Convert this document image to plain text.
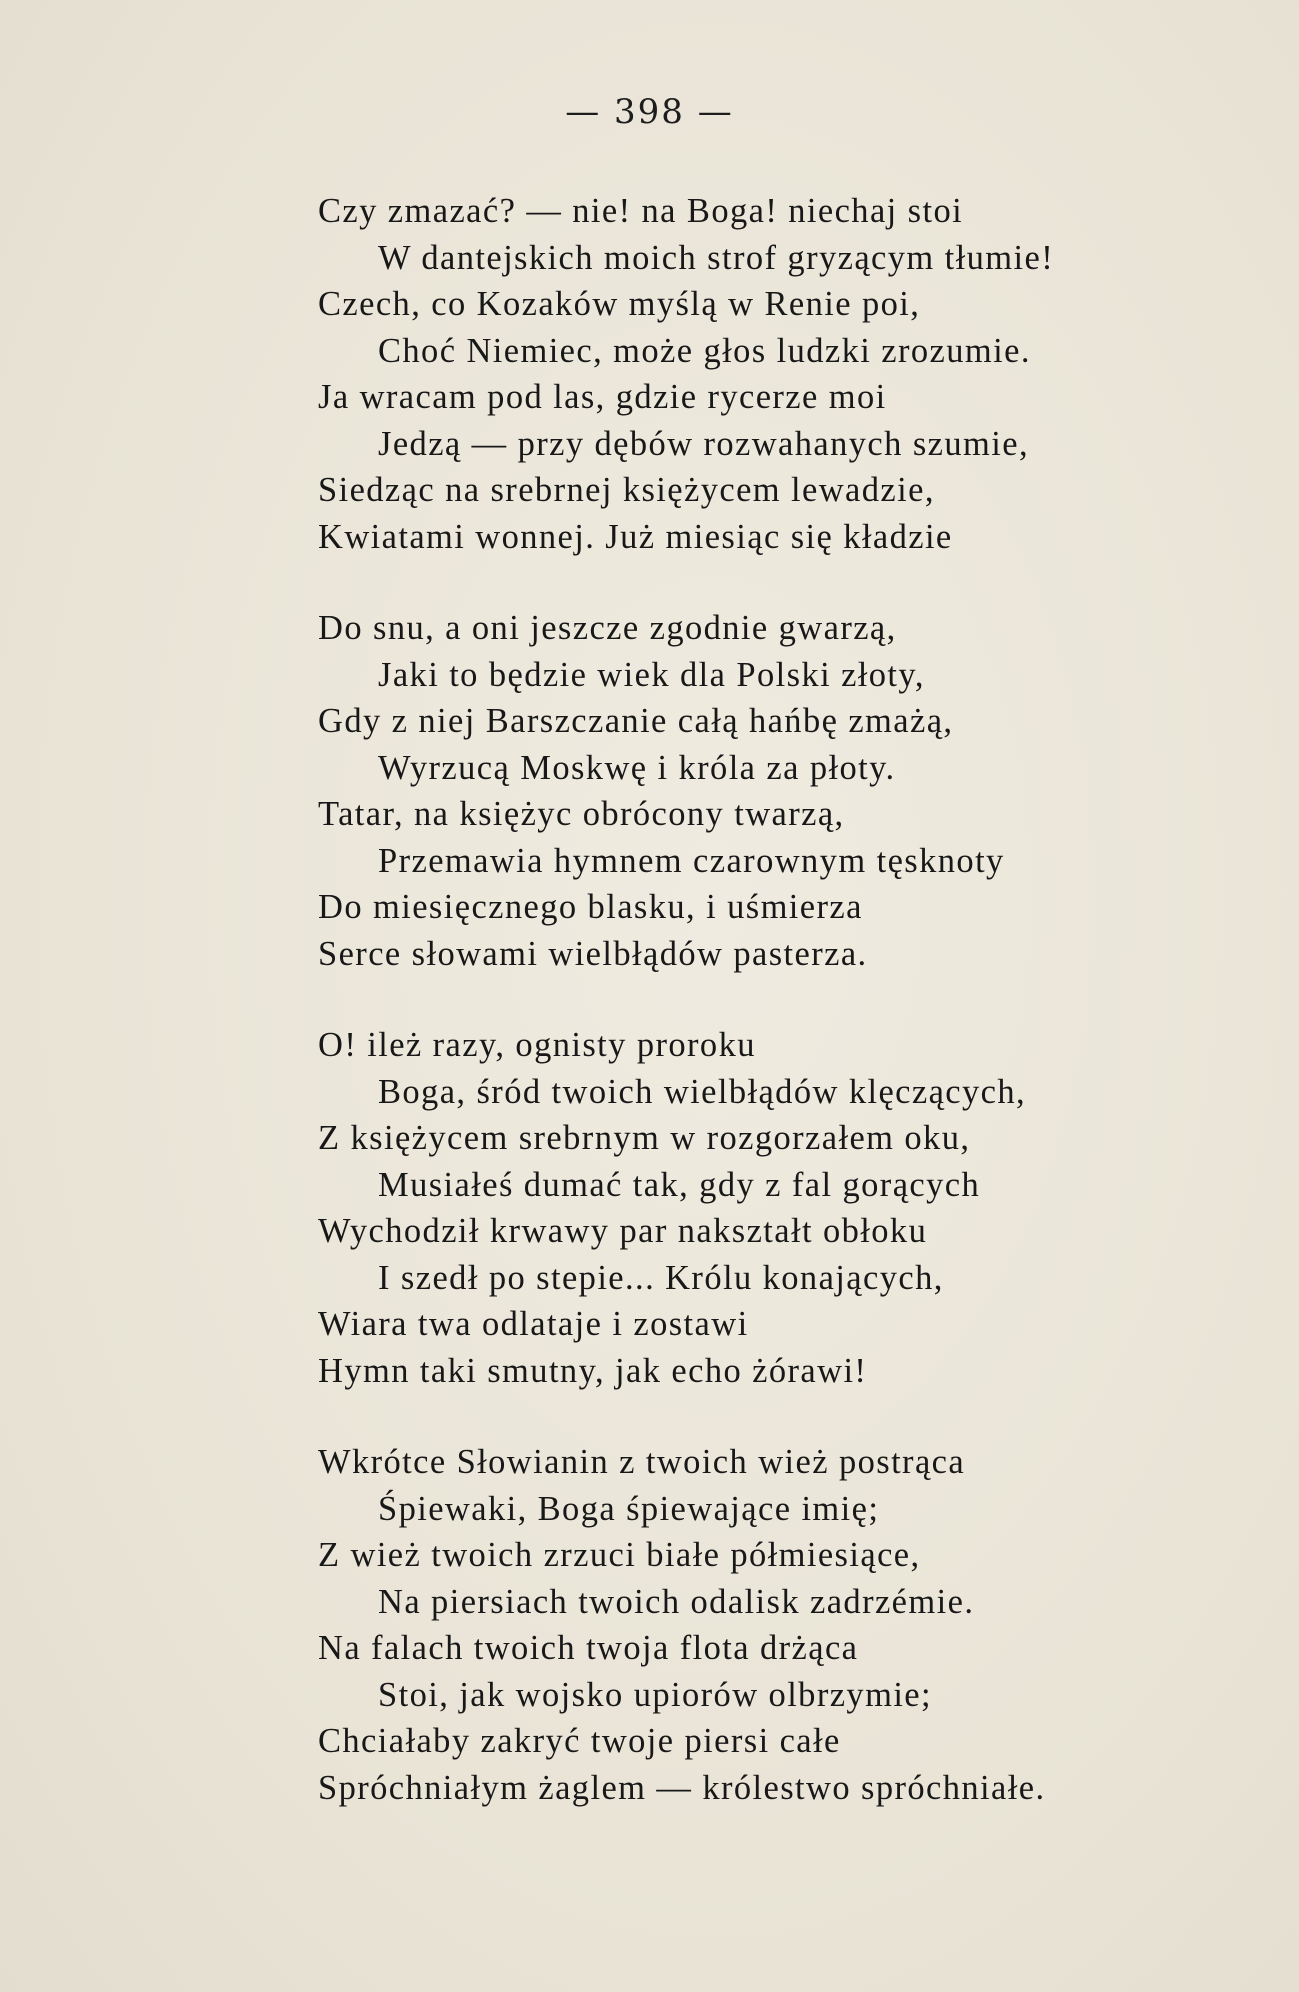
— 398 —
Czy zmazać? — nie! na Boga! niechaj stoi
W dantejskich moich strof gryzącym tłumie!
Czech, co Kozaków myślą w Renie poi,
Choć Niemiec, może głos ludzki zrozumie.
Ja wracam pod las, gdzie rycerze moi
Jedzą — przy dębów rozwahanych szumie,
Siedząc na srebrnej księżycem lewadzie,
Kwiatami wonnej. Już miesiąc się kładzie
Do snu, a oni jeszcze zgodnie gwarzą,
Jaki to będzie wiek dla Polski złoty,
Gdy z niej Barszczanie całą hańbę zmażą,
Wyrzucą Moskwę i króla za płoty.
Tatar, na księżyc obrócony twarzą,
Przemawia hymnem czarownym tęsknoty
Do miesięcznego blasku, i uśmierza
Serce słowami wielbłądów pasterza.
O! ileż razy, ognisty proroku
Boga, śród twoich wielbłądów klęczących,
Z księżycem srebrnym w rozgorzałem oku,
Musiałeś dumać tak, gdy z fal gorących
Wychodził krwawy par nakształt obłoku
I szedł po stepie... Królu konających,
Wiara twa odlataje i zostawi
Hymn taki smutny, jak echo żórawi!
Wkrótce Słowianin z twoich wież postrąca
Śpiewaki, Boga śpiewające imię;
Z wież twoich zrzuci białe półmiesiące,
Na piersiach twoich odalisk zadrzémie.
Na falach twoich twoja flota drżąca
Stoi, jak wojsko upiorów olbrzymie;
Chciałaby zakryć twoje piersi całe
Spróchniałym żaglem — królestwo spróchniałe.
